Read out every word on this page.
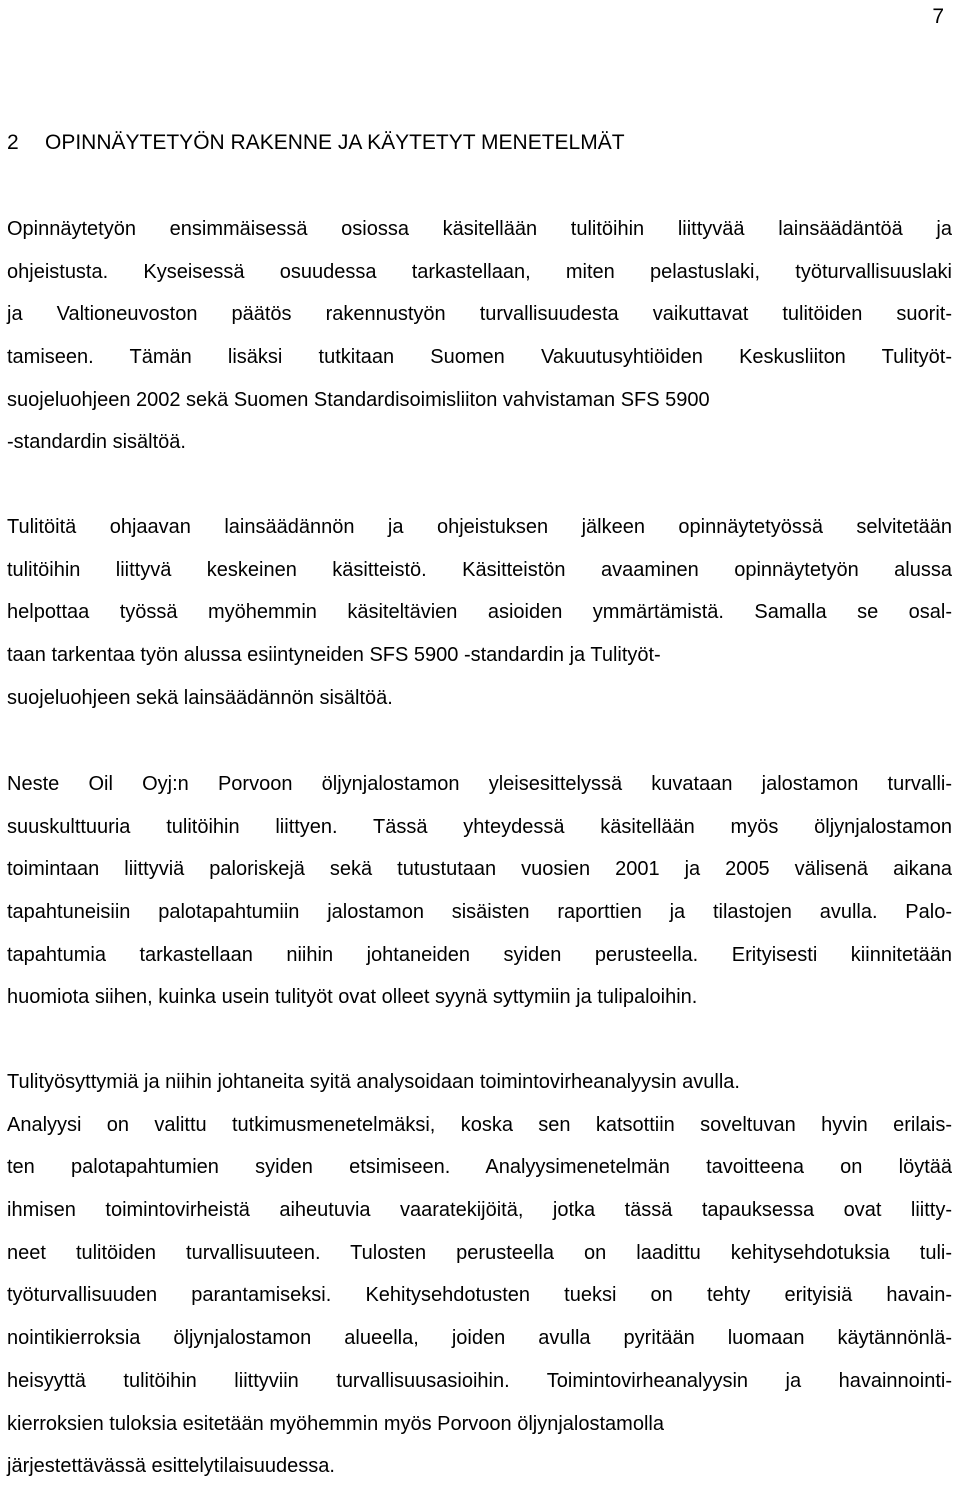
7
2 OPINNÄYTETYÖN RAKENNE JA KÄYTETYT MENETELMÄT
Opinnäytetyön ensimmäisessä osiossa käsitellään tulitöihin liittyvää lainsäädäntöä ja
ohjeistusta. Kyseisessä osuudessa tarkastellaan, miten pelastuslaki, työturvallisuuslaki
ja Valtioneuvoston päätös rakennustyön turvallisuudesta vaikuttavat tulitöiden suorit-
tamiseen. Tämän lisäksi tutkitaan Suomen Vakuutusyhtiöiden Keskusliiton Tulityöt-
suojeluohjeen 2002 sekä Suomen Standardisoimisliiton vahvistaman SFS 5900
-standardin sisältöä.
Tulitöitä ohjaavan lainsäädännön ja ohjeistuksen jälkeen opinnäytetyössä selvitetään
tulitöihin liittyvä keskeinen käsitteistö. Käsitteistön avaaminen opinnäytetyön alussa
helpottaa työssä myöhemmin käsiteltävien asioiden ymmärtämistä. Samalla se osal-
taan tarkentaa työn alussa esiintyneiden SFS 5900 -standardin ja Tulityöt-
suojeluohjeen sekä lainsäädännön sisältöä.
Neste Oil Oyj:n Porvoon öljynjalostamon yleisesittelyssä kuvataan jalostamon turvalli-
suuskulttuuria tulitöihin liittyen. Tässä yhteydessä käsitellään myös öljynjalostamon
toimintaan liittyviä paloriskejä sekä tutustutaan vuosien 2001 ja 2005 välisenä aikana
tapahtuneisiin palotapahtumiin jalostamon sisäisten raporttien ja tilastojen avulla. Palo-
tapahtumia tarkastellaan niihin johtaneiden syiden perusteella. Erityisesti kiinnitetään
huomiota siihen, kuinka usein tulityöt ovat olleet syynä syttymiin ja tulipaloihin.
Tulityösyttymiä ja niihin johtaneita syitä analysoidaan toimintovirheanalyysin avulla.
Analyysi on valittu tutkimusmenetelmäksi, koska sen katsottiin soveltuvan hyvin erilais-
ten palotapahtumien syiden etsimiseen. Analyysimenetelmän tavoitteena on löytää
ihmisen toimintovirheistä aiheutuvia vaaratekijöitä, jotka tässä tapauksessa ovat liitty-
neet tulitöiden turvallisuuteen. Tulosten perusteella on laadittu kehitysehdotuksia tuli-
työturvallisuuden parantamiseksi. Kehitysehdotusten tueksi on tehty erityisiä havain-
nointikierroksia öljynjalostamon alueella, joiden avulla pyritään luomaan käytännönlä-
heisyyttä tulitöihin liittyviin turvallisuusasioihin. Toimintovirheanalyysin ja havainnointi-
kierroksien tuloksia esitetään myöhemmin myös Porvoon öljynjalostamolla
järjestettävässä esittelytilaisuudessa.
